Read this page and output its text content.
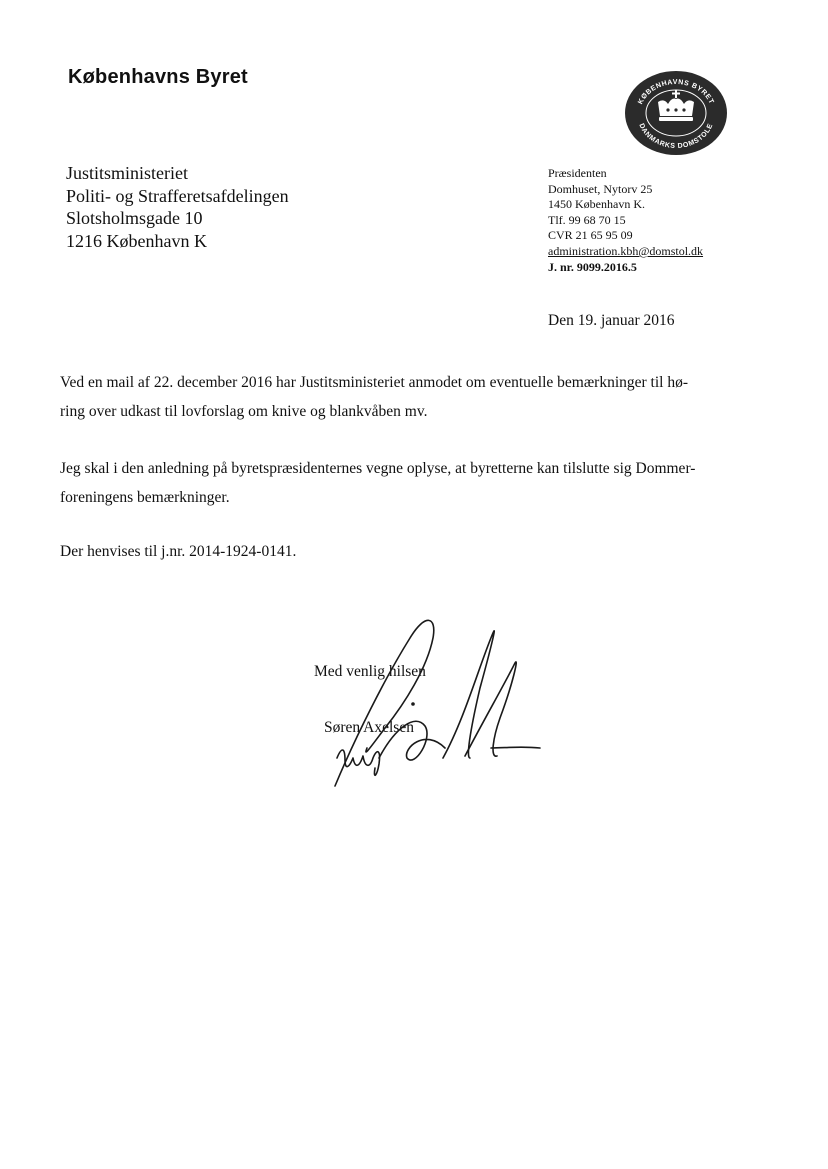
Københavns Byret
KØBENHAVNS BYRET
DANMARKS DOMSTOLE
Justitsministeriet
Politi- og Strafferetsafdelingen
Slotsholmsgade 10
1216 København K
Præsidenten
Domhuset, Nytorv 25
1450 København K.
Tlf. 99 68 70 15
CVR 21 65 95 09
administration.kbh@domstol.dk
J. nr. 9099.2016.5
Den 19. januar 2016
Ved en mail af 22. december 2016 har Justitsministeriet anmodet om eventuelle bemærkninger til hø-
ring over udkast til lovforslag om knive og blankvåben mv.
Jeg skal i den anledning på byretspræsidenternes vegne oplyse, at byretterne kan tilslutte sig Dommer-
foreningens bemærkninger.
Der henvises til j.nr. 2014-1924-0141.
Med venlig hilsen
Søren Axelsen
